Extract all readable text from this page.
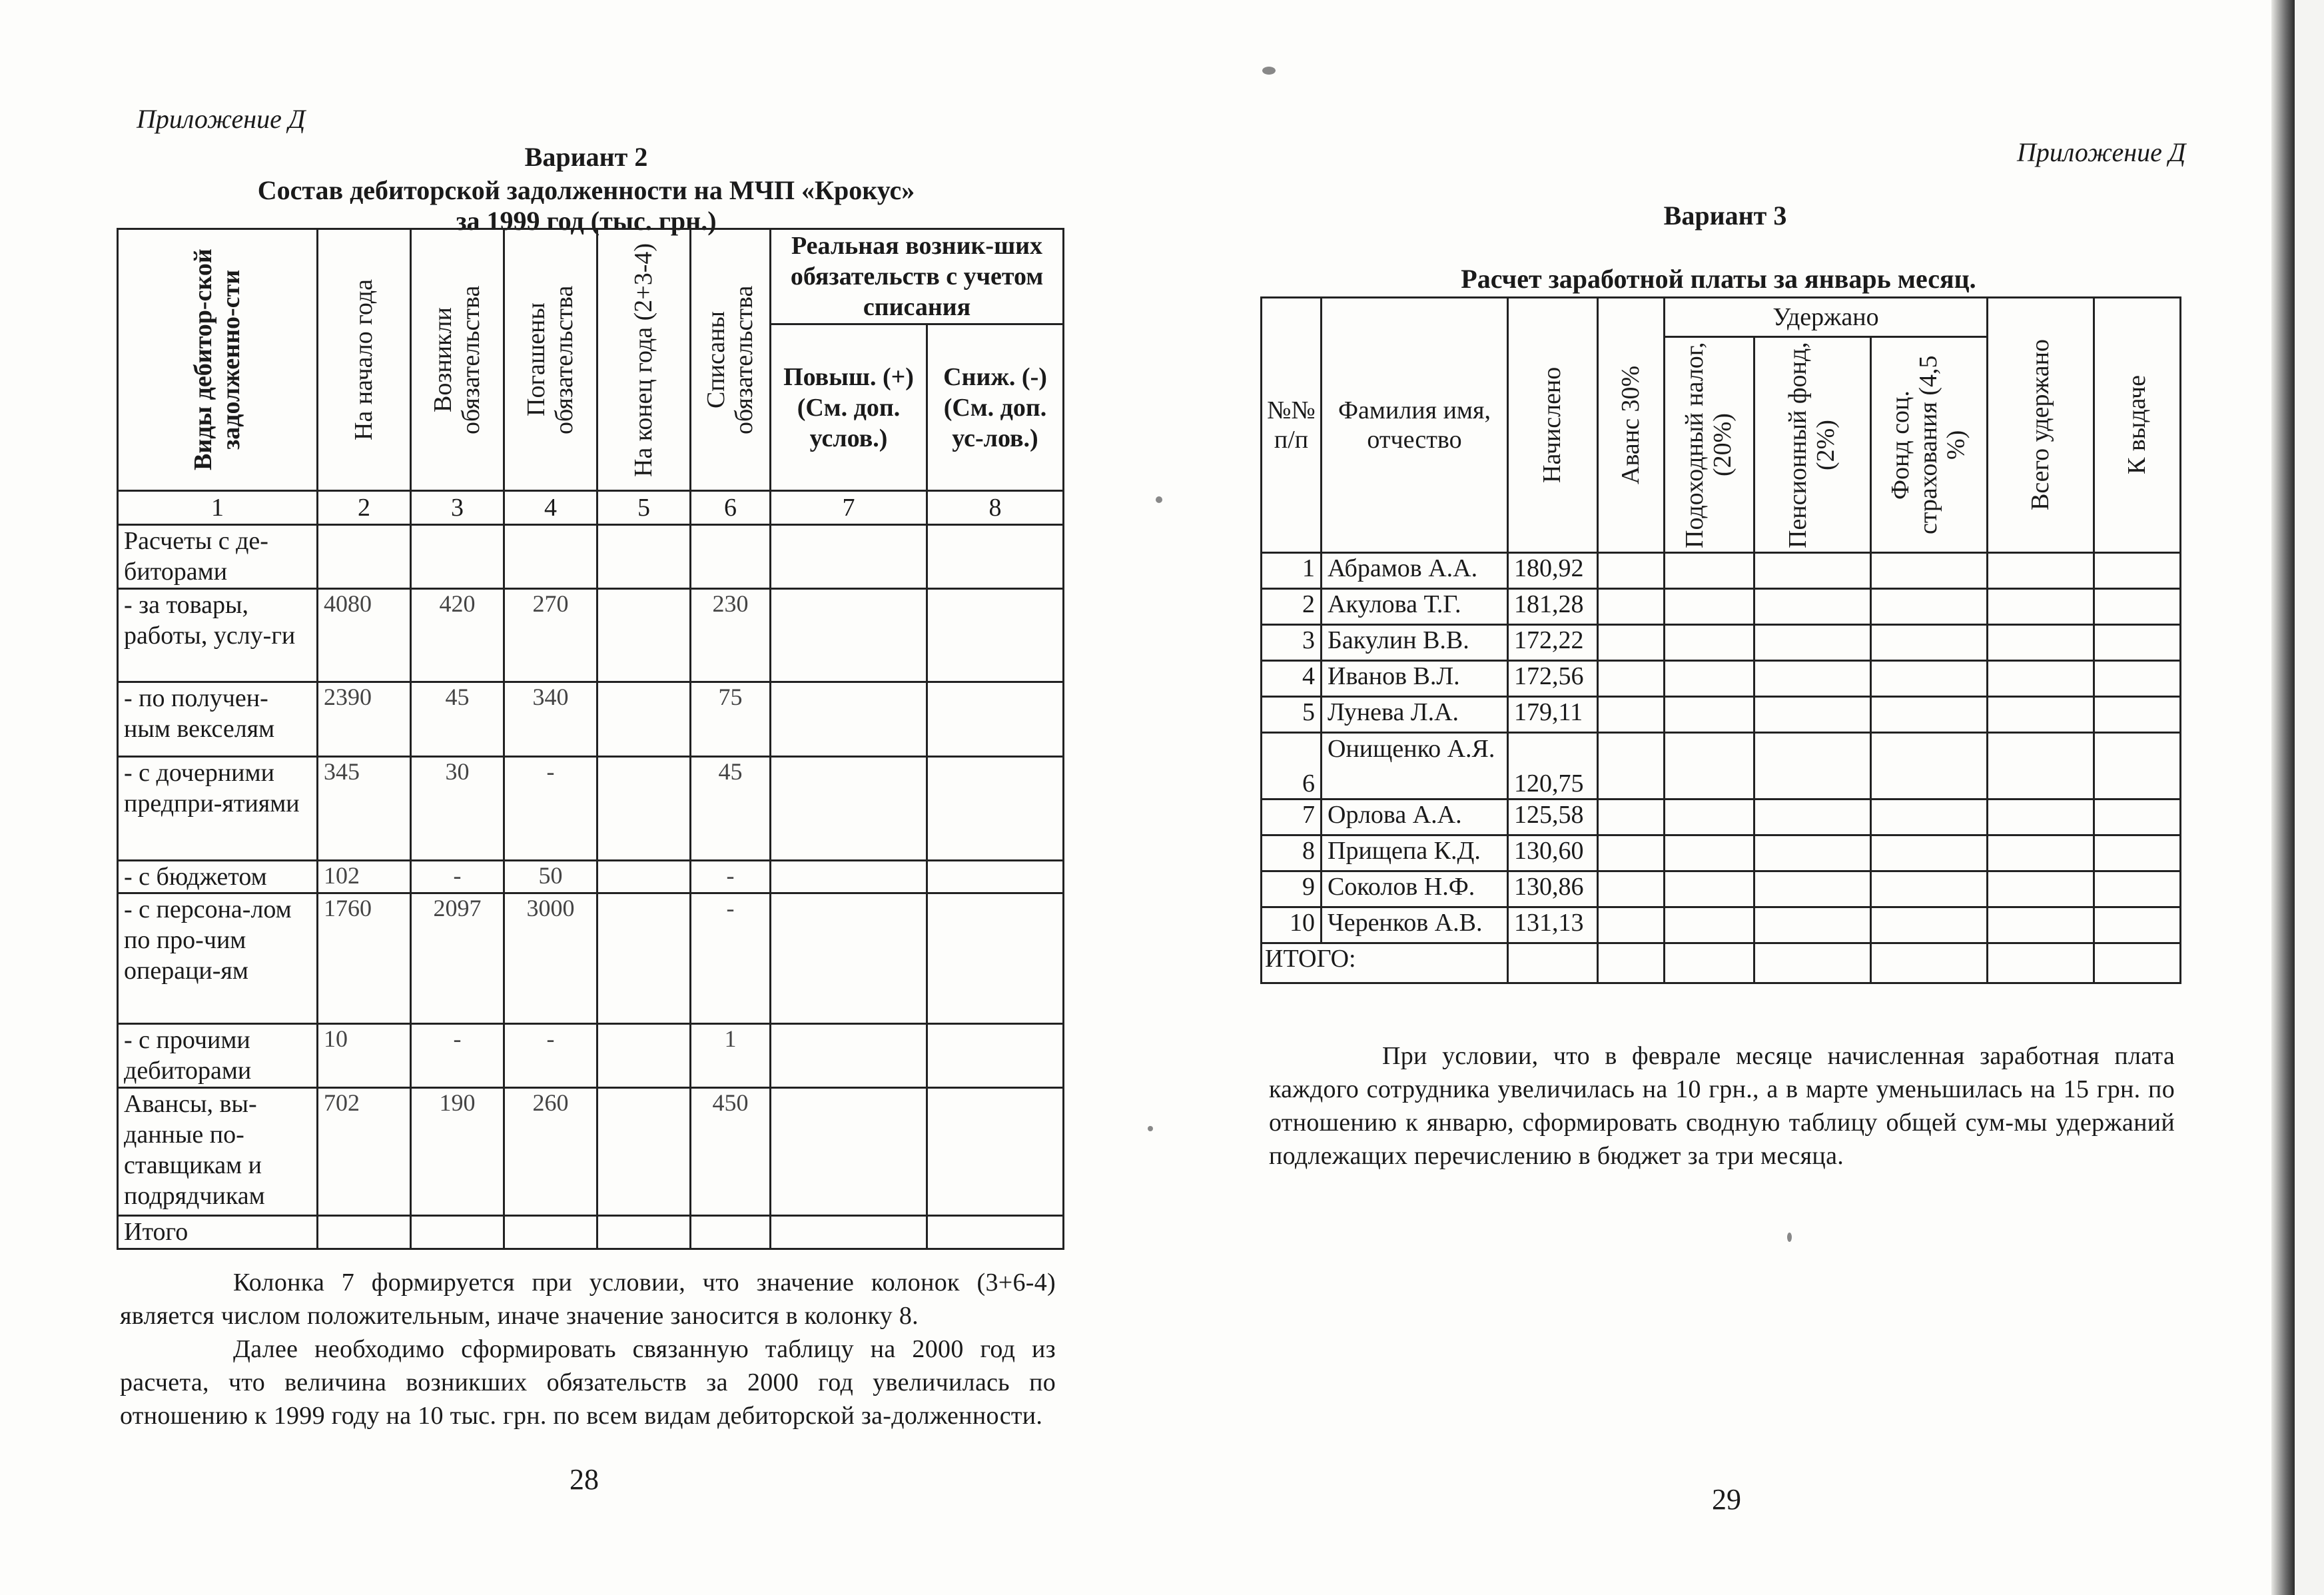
Приложение Д
Вариант 2
Состав дебиторской задолженности на МЧП «Крокус»
за 1999 год (тыс. грн.)
Виды дебитор-ской задолженно-сти	На начало года	Возникли обязательства	Погашены обязательства	На конец года (2+3-4)	Списаны обязательства	Реальная возник-ших обязательств с учетом списания	
						Повыш. (+) (См. доп. услов.)	Сниж. (-) (См. доп. ус-лов.)
1	2	3	4	5	6	7	8
Расчеты с де-биторами							
- за товары, работы, услу-ги	4080	420	270		230		
- по получен-ным векселям	2390	45	340		75		
- с дочерними предпри-ятиями	345	30	-		45		
- с бюджетом	102	-	50		-		
- с персона-лом по про-чим операци-ям	1760	2097	3000		-		
- с прочими дебиторами	10	-	-		1		
Авансы, вы-данные по-ставщикам и подрядчикам	702	190	260		450		
Итого							

Колонка 7 формируется при условии, что значение колонок (3+6-4) является числом положительным, иначе значение заносится в колонку 8.

Далее необходимо сформировать связанную таблицу на 2000 год из расчета, что величина возникших обязательств за 2000 год увеличилась по отношению к 1999 году на 10 тыс. грн. по всем видам дебиторской за-долженности.

28
Приложение Д
Вариант 3
Расчет заработной платы за январь месяц.
№№ п/п	Фамилия имя, отчество	Начислено	Аванс 30%	Удержано			Всего удержано	К выдаче

				Подоходный налог, (20%)	Пенсионный фонд, (2%)	Фонд соц. страхования (4,5 %)		

1	Абрамов А.А.	180,92						
2	Акулова Т.Г.	181,28						
3	Бакулин В.В.	172,22						
4	Иванов В.Л.	172,56						
5	Лунева Л.А.	179,11						
6	Онищенко А.Я.	120,75						
7	Орлова А.А.	125,58						
8	Прищепа К.Д.	130,60						
9	Соколов Н.Ф.	130,86						
10	Черенков А.В.	131,13						
ИТОГО:								

При условии, что в феврале месяце начисленная заработная плата каждого сотрудника увеличилась на 10 грн., а в марте уменьшилась на 15 грн. по отношению к январю, сформировать сводную таблицу общей сум-мы удержаний подлежащих перечислению в бюджет за три месяца.

29
